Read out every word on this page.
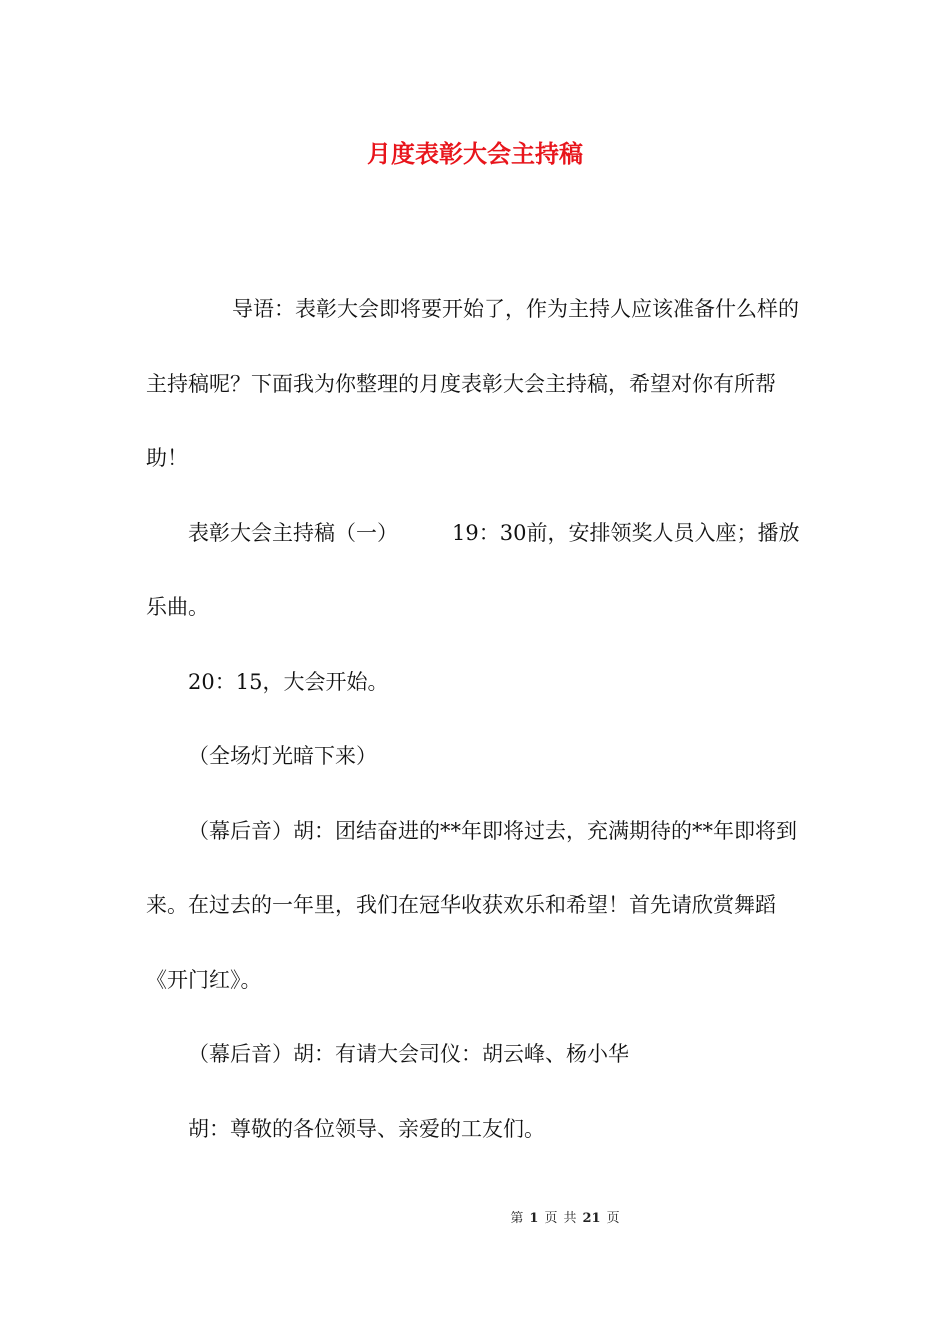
月度表彰大会主持稿

导语：表彰大会即将要开始了，作为主持人应该准备什么样的主持稿呢？下面我为你整理的月度表彰大会主持稿，希望对你有所帮助！

表彰大会主持稿（一）	19：30前，安排领奖人员入座；播放乐曲。

20：15，大会开始。

（全场灯光暗下来）

（幕后音）胡：团结奋进的**年即将过去，充满期待的**年即将到来。在过去的一年里，我们在冠华收获欢乐和希望！首先请欣赏舞蹈《开门红》。

（幕后音）胡：有请大会司仪：胡云峰、杨小华

胡：尊敬的各位领导、亲爱的工友们。

第 1 页 共 21 页
